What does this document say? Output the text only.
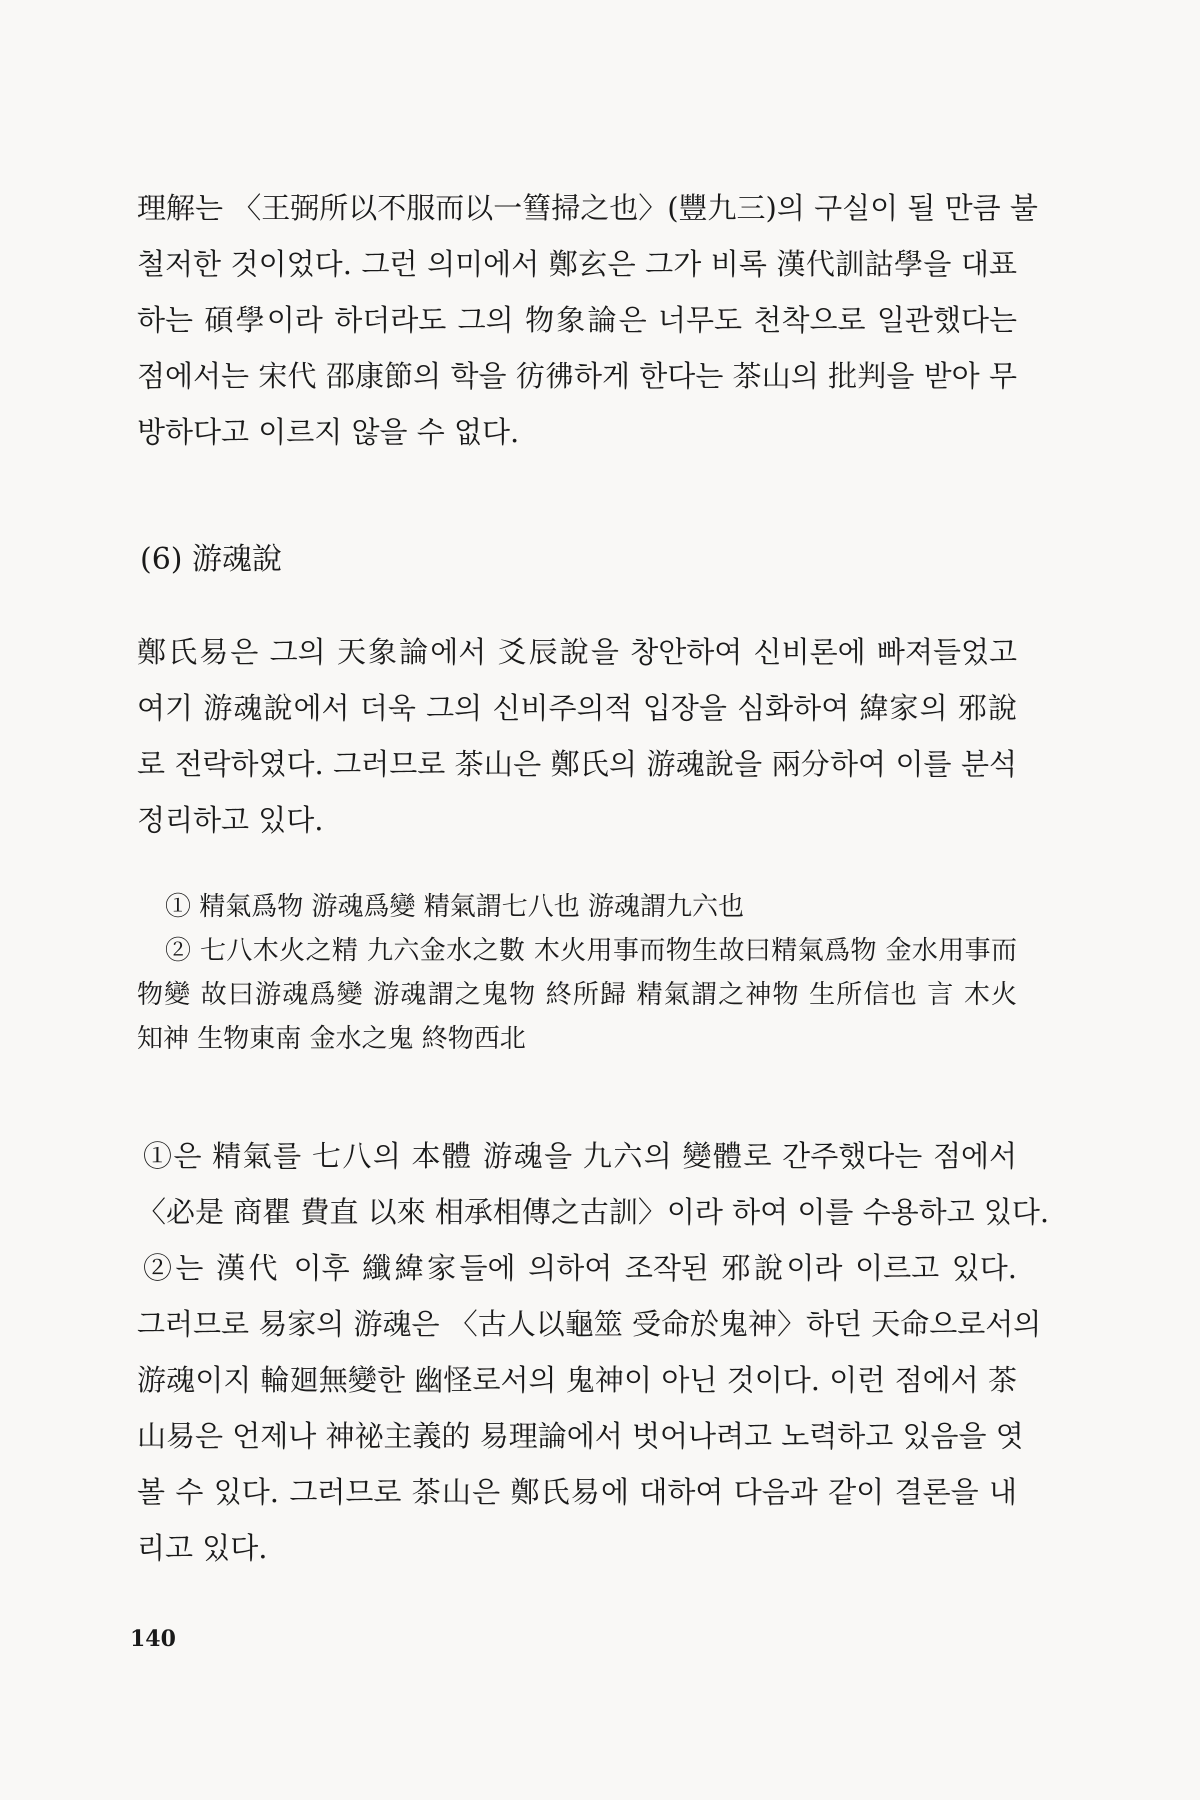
理解는 〈王弼所以不服而以一篲掃之也〉(豐九三)의 구실이 될 만큼 불
철저한 것이었다. 그런 의미에서 鄭玄은 그가 비록 漢代訓詁學을 대표
하는 碩學이라 하더라도 그의 物象論은 너무도 천착으로 일관했다는
점에서는 宋代 邵康節의 학을 彷彿하게 한다는 茶山의 批判을 받아 무
방하다고 이르지 않을 수 없다.
(6) 游魂說
鄭氏易은 그의 天象論에서 爻辰說을 창안하여 신비론에 빠져들었고
여기 游魂說에서 더욱 그의 신비주의적 입장을 심화하여 緯家의 邪說
로 전락하였다. 그러므로 茶山은 鄭氏의 游魂說을 兩分하여 이를 분석
정리하고 있다.
① 精氣爲物 游魂爲變 精氣謂七八也 游魂謂九六也
② 七八木火之精 九六金水之數 木火用事而物生故曰精氣爲物 金水用事而
物變 故曰游魂爲變 游魂謂之鬼物 終所歸 精氣謂之神物 生所信也 言 木火
知神 生物東南 金水之鬼 終物西北
①은 精氣를 七八의 本體 游魂을 九六의 變體로 간주했다는 점에서
〈必是 商瞿 費直 以來 相承相傳之古訓〉이라 하여 이를 수용하고 있다.
②는 漢代 이후 纖緯家들에 의하여 조작된 邪說이라 이르고 있다.
그러므로 易家의 游魂은 〈古人以龜筮 受命於鬼神〉하던 天命으로서의
游魂이지 輪廻無變한 幽怪로서의 鬼神이 아닌 것이다. 이런 점에서 茶
山易은 언제나 神祕主義的 易理論에서 벗어나려고 노력하고 있음을 엿
볼 수 있다. 그러므로 茶山은 鄭氏易에 대하여 다음과 같이 결론을 내
리고 있다.
140
